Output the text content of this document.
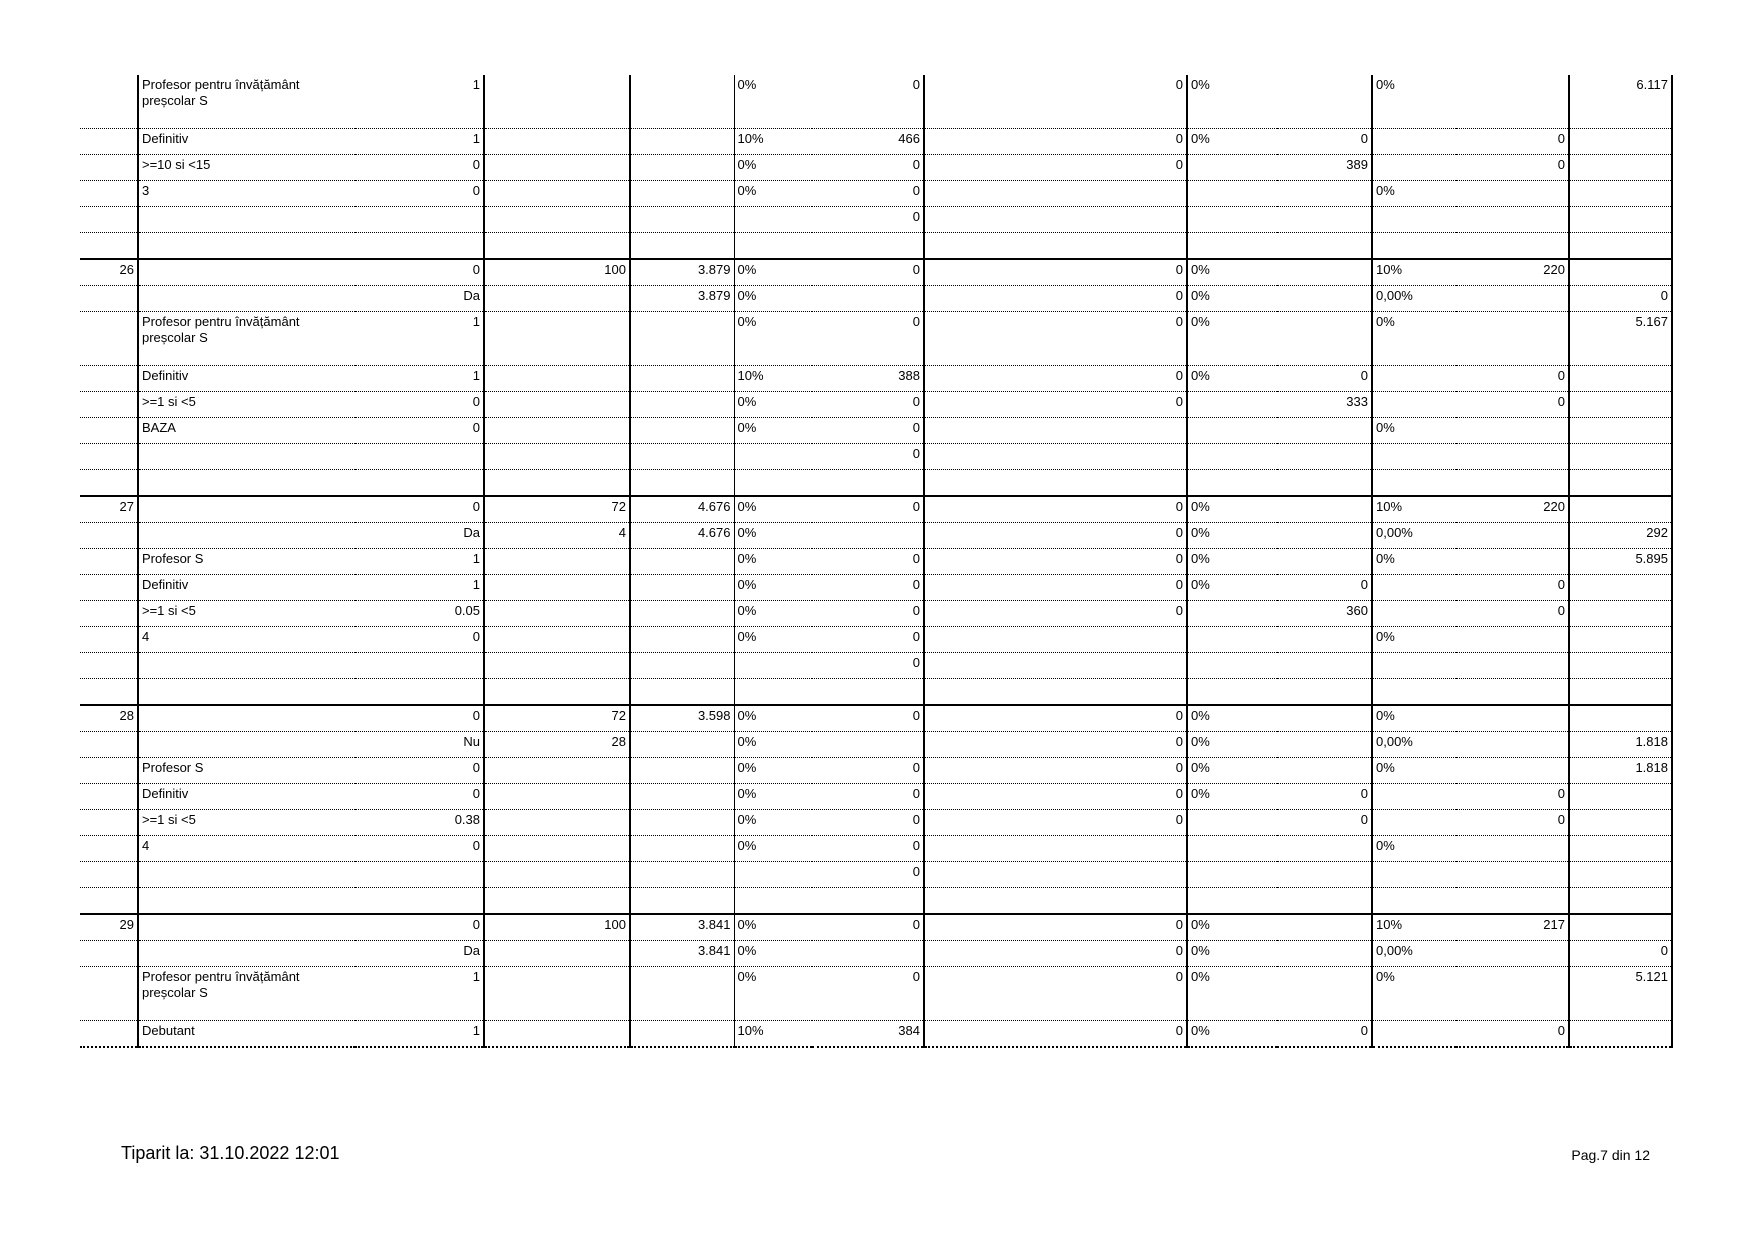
	Profesor pentru învățământ preșcolar S	1			0%	0	0	0%		0%		6.117
	Definitiv	1			10%	466	0	0%	0		0	
	>=10 si <15	0			0%	0	0		389		0	
	3	0			0%	0				0%		
						0						

26		0	100	3.879	0%	0	0	0%		10%	220	
		Da		3.879	0%		0	0%		0,00%		0
	Profesor pentru învățământ preșcolar S	1			0%	0	0	0%		0%		5.167
	Definitiv	1			10%	388	0	0%	0		0	
	>=1 si <5	0			0%	0	0		333		0	
	BAZA	0			0%	0				0%		
						0						

27		0	72	4.676	0%	0	0	0%		10%	220	
		Da	4	4.676	0%		0	0%		0,00%		292
	Profesor S	1			0%	0	0	0%		0%		5.895
	Definitiv	1			0%	0	0	0%	0		0	
	>=1 si <5	0.05			0%	0	0		360		0	
	4	0			0%	0				0%		
						0						

28		0	72	3.598	0%	0	0	0%		0%		
		Nu	28		0%		0	0%		0,00%		1.818
	Profesor S	0			0%	0	0	0%		0%		1.818
	Definitiv	0			0%	0	0	0%	0		0	
	>=1 si <5	0.38			0%	0	0		0		0	
	4	0			0%	0				0%		
						0						

29		0	100	3.841	0%	0	0	0%		10%	217	
		Da		3.841	0%		0	0%		0,00%		0
	Profesor pentru învățământ preșcolar S	1			0%	0	0	0%		0%		5.121
	Debutant	1			10%	384	0	0%	0		0	
Tiparit la: 31.10.2022 12:01	Pag.7 din 12
